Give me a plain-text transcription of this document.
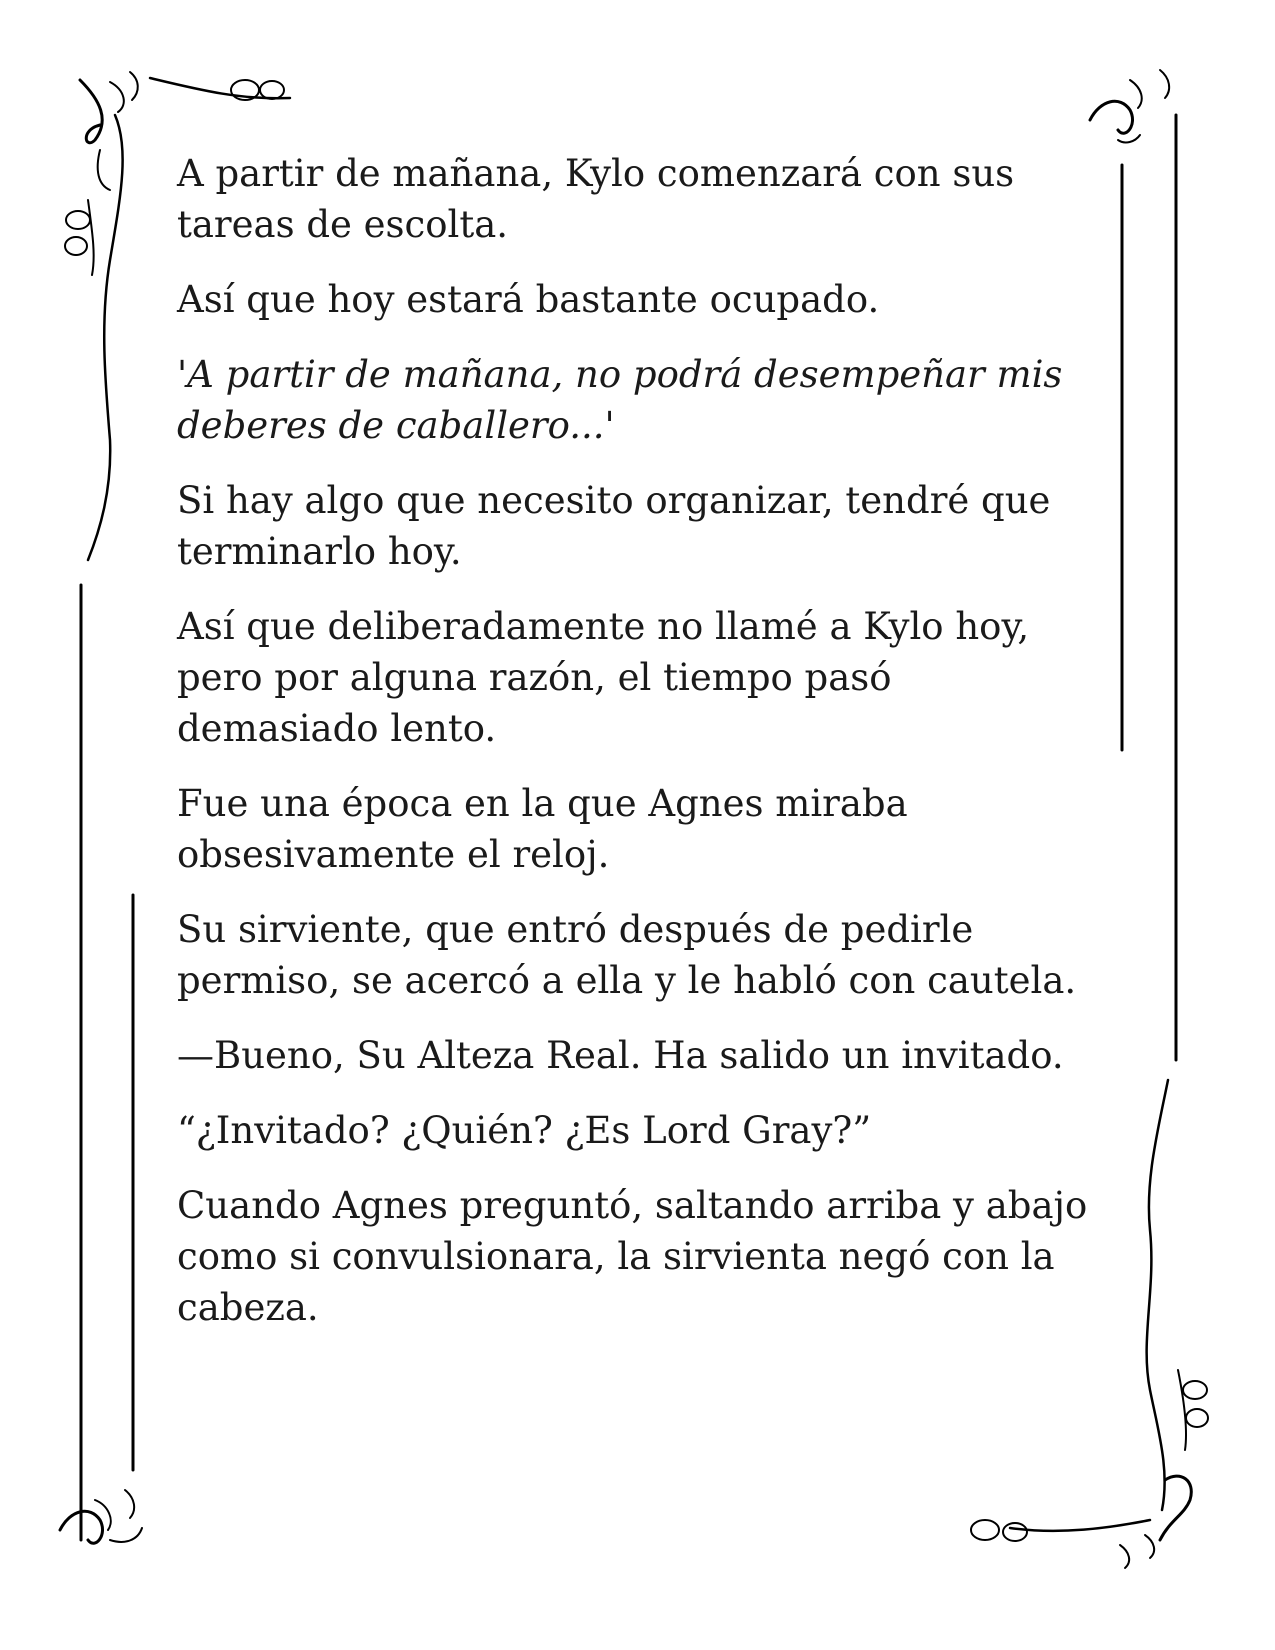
A partir de mañana, Kylo comenzará con sus tareas de escolta.

Así que hoy estará bastante ocupado.

'A partir de mañana, no podrá desempeñar mis deberes de caballero...'

Si hay algo que necesito organizar, tendré que terminarlo hoy.

Así que deliberadamente no llamé a Kylo hoy, pero por alguna razón, el tiempo pasó demasiado lento.

Fue una época en la que Agnes miraba obsesivamente el reloj.

Su sirviente, que entró después de pedirle permiso, se acercó a ella y le habló con cautela.

—Bueno, Su Alteza Real. Ha salido un invitado.

“¿Invitado? ¿Quién? ¿Es Lord Gray?”

Cuando Agnes preguntó, saltando arriba y abajo como si convulsionara, la sirvienta negó con la cabeza.
